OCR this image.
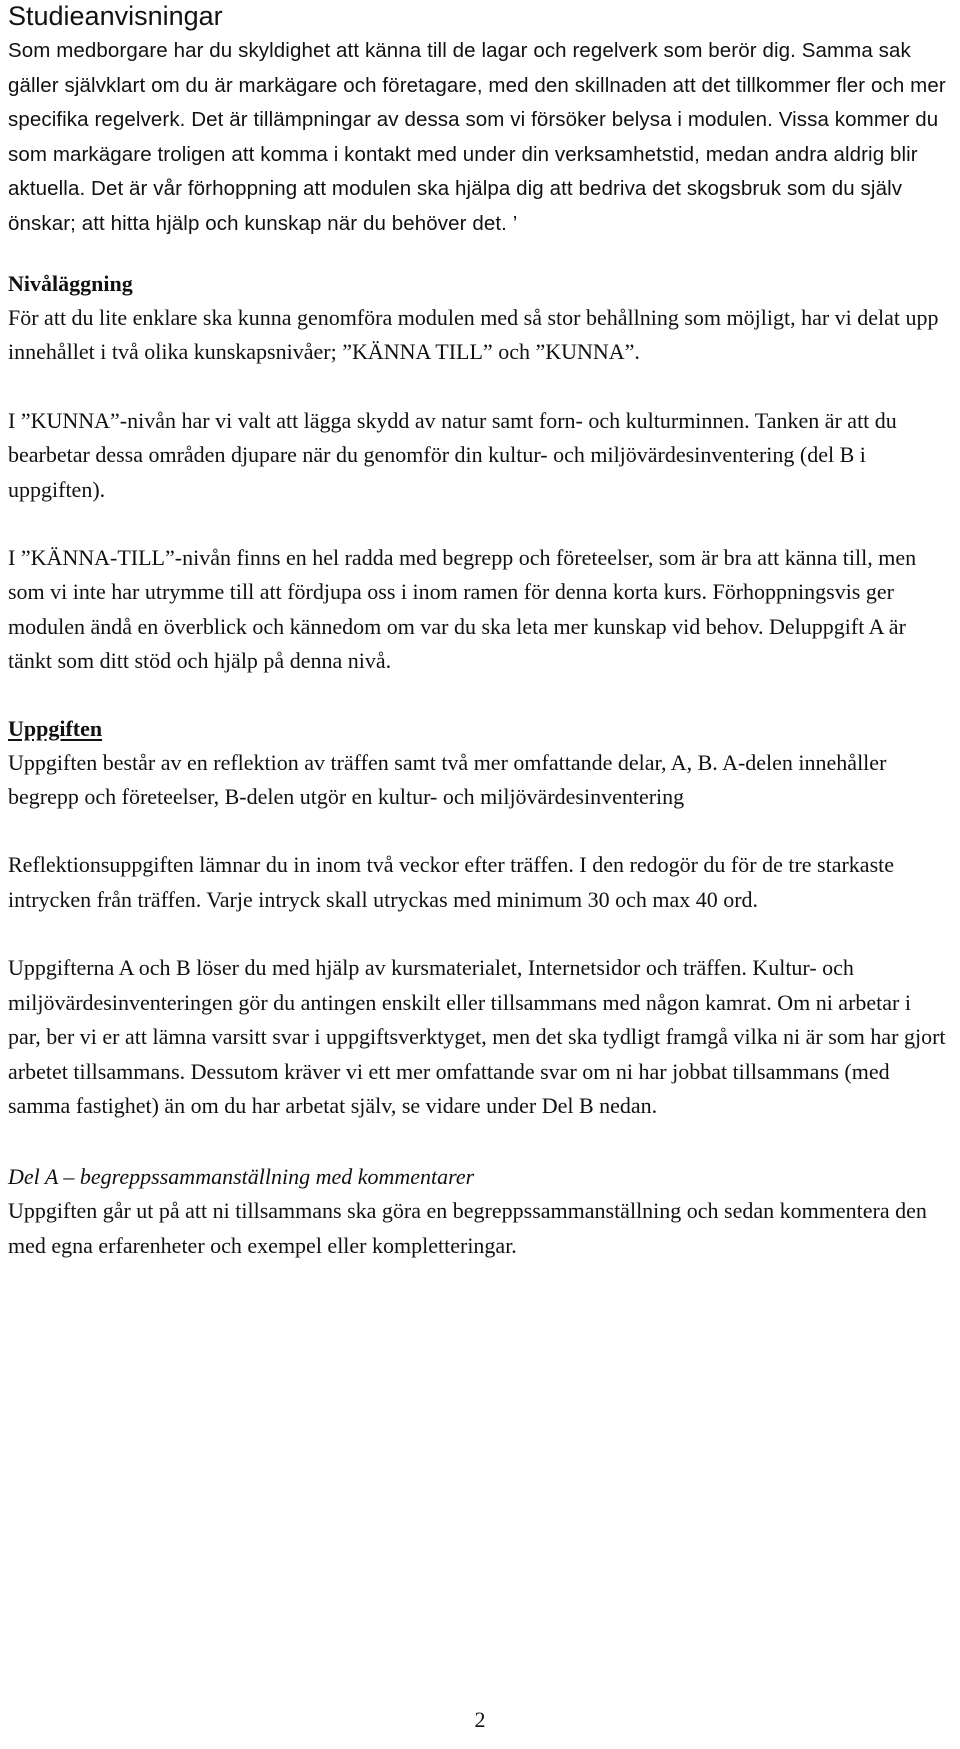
Studieanvisningar

Som medborgare har du skyldighet att känna till de lagar och regelverk som berör dig. Samma sak gäller självklart om du är markägare och företagare, med den skillnaden att det tillkommer fler och mer specifika regelverk. Det är tillämpningar av dessa som vi försöker belysa i modulen. Vissa kommer du som markägare troligen att komma i kontakt med under din verksamhetstid, medan andra aldrig blir aktuella. Det är vår förhoppning att modulen ska hjälpa dig att bedriva det skogsbruk som du själv önskar; att hitta hjälp och kunskap när du behöver det. ’

Nivåläggning

För att du lite enklare ska kunna genomföra modulen med så stor behållning som möjligt, har vi delat upp innehållet i två olika kunskapsnivåer; ”KÄNNA TILL” och ”KUNNA”.

I ”KUNNA”-nivån har vi valt att lägga skydd av natur samt forn- och kulturminnen. Tanken är att du bearbetar dessa områden djupare när du genomför din kultur- och miljövärdesinventering (del B i uppgiften).

I ”KÄNNA-TILL”-nivån finns en hel radda med begrepp och företeelser, som är bra att känna till, men som vi inte har utrymme till att fördjupa oss i inom ramen för denna korta kurs. Förhoppningsvis ger modulen ändå en överblick och kännedom om var du ska leta mer kunskap vid behov. Deluppgift A är tänkt som ditt stöd och hjälp på denna nivå.

Uppgiften

Uppgiften består av en reflektion av träffen samt två mer omfattande delar, A, B. A-delen innehåller begrepp och företeelser, B-delen utgör en kultur- och miljövärdesinventering

Reflektionsuppgiften lämnar du in inom två veckor efter träffen. I den redogör du för de tre starkaste intrycken från träffen. Varje intryck skall utryckas med minimum 30 och max 40 ord.

Uppgifterna A och B löser du med hjälp av kursmaterialet, Internetsidor och träffen. Kultur- och miljövärdesinventeringen gör du antingen enskilt eller tillsammans med någon kamrat. Om ni arbetar i par, ber vi er att lämna varsitt svar i uppgiftsverktyget, men det ska tydligt framgå vilka ni är som har gjort arbetet tillsammans. Dessutom kräver vi ett mer omfattande svar om ni har jobbat tillsammans (med samma fastighet) än om du har arbetat själv, se vidare under Del B nedan.

Del A – begreppssammanställning med kommentarer

Uppgiften går ut på att ni tillsammans ska göra en begreppssammanställning och sedan kommentera den med egna erfarenheter och exempel eller kompletteringar.

2
